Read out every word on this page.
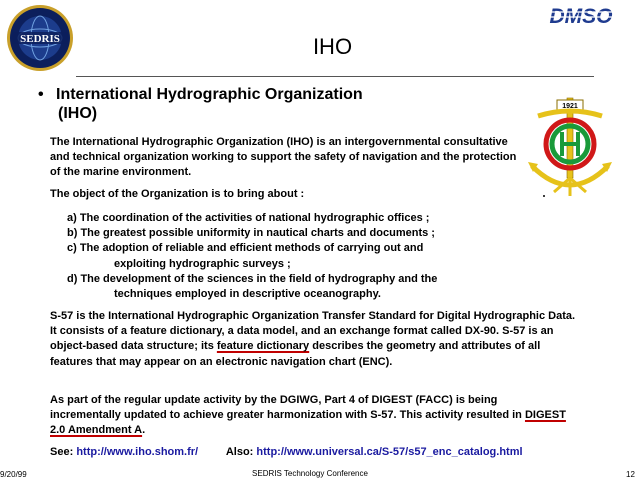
SEDRIS
DMSO
IHO
• International Hydrographic Organization
(IHO)	1921
The International Hydrographic Organization (IHO) is an intergovernmental consultative and technical organization working to support the safety of navigation and the protection of the marine environment.
The object of the Organization is to bring about :
a) The coordination of the activities of national hydrographic offices ;
b) The greatest possible uniformity in nautical charts and documents ;
c) The adoption of reliable and efficient methods of carrying out and
exploiting hydrographic surveys ;
d) The development of the sciences in the field of hydrography and the
techniques employed in descriptive oceanography.
S-57 is the International Hydrographic Organization Transfer Standard for Digital Hydrographic Data. It consists of a feature dictionary, a data model, and an exchange format called DX-90. S-57 is an object-based data structure; its feature dictionary describes the geometry and attributes of all features that may appear on an electronic navigation chart (ENC).
As part of the regular update activity by the DGIWG, Part 4 of DIGEST (FACC) is being incrementally updated to achieve greater harmonization with S-57. This activity resulted in DIGEST 2.0 Amendment A.
See: http://www.iho.shom.fr/	Also: http://www.universal.ca/S-57/s57_enc_catalog.html
9/20/99	SEDRIS Technology Conference	12
